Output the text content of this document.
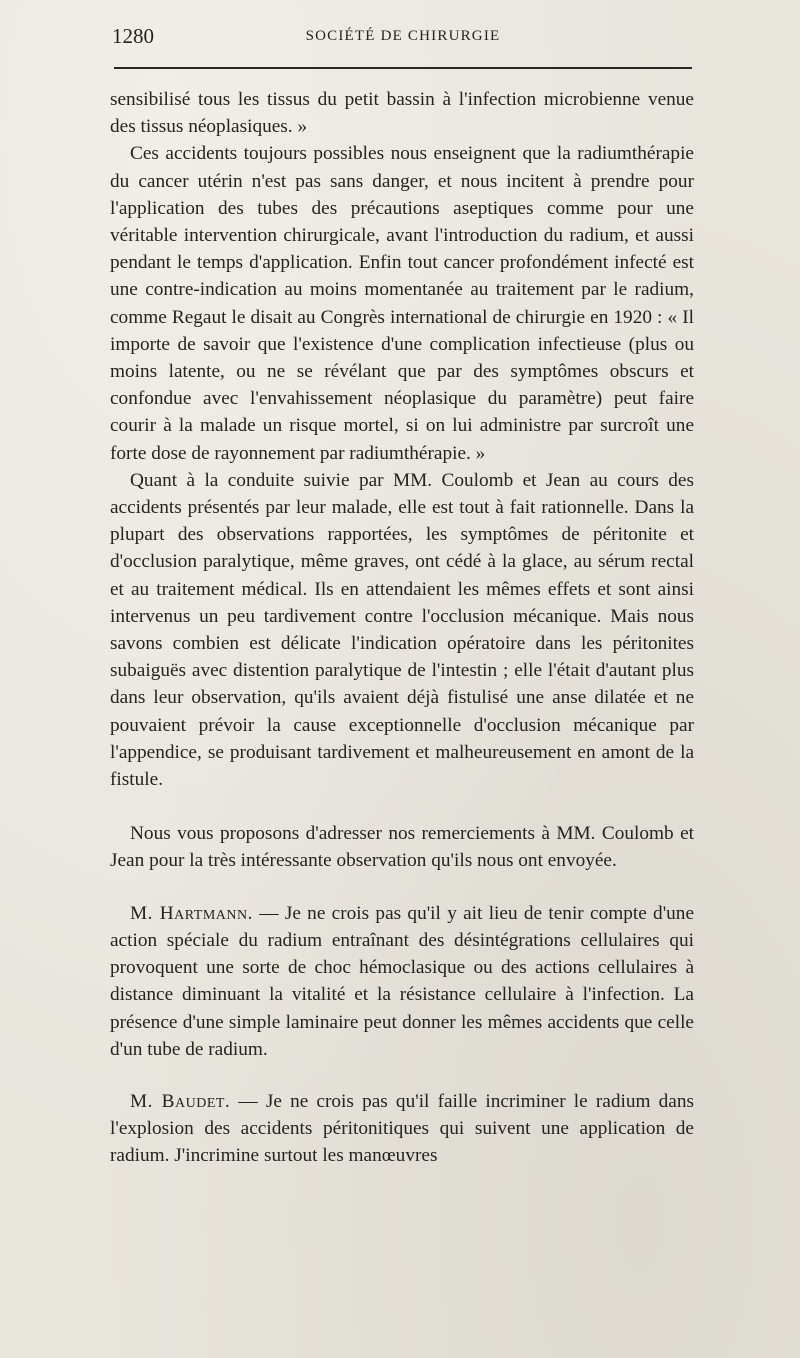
1280	SOCIÉTÉ DE CHIRURGIE

sensibilisé tous les tissus du petit bassin à l'infection microbienne venue des tissus néoplasiques. »

Ces accidents toujours possibles nous enseignent que la radiumthérapie du cancer utérin n'est pas sans danger, et nous incitent à prendre pour l'application des tubes des précautions aseptiques comme pour une véritable intervention chirurgicale, avant l'introduction du radium, et aussi pendant le temps d'application. Enfin tout cancer profondément infecté est une contre-indication au moins momentanée au traitement par le radium, comme Regaut le disait au Congrès international de chirurgie en 1920 : « Il importe de savoir que l'existence d'une complication infectieuse (plus ou moins latente, ou ne se révélant que par des symptômes obscurs et confondue avec l'envahissement néoplasique du paramètre) peut faire courir à la malade un risque mortel, si on lui administre par surcroît une forte dose de rayonnement par radiumthérapie. »

Quant à la conduite suivie par MM. Coulomb et Jean au cours des accidents présentés par leur malade, elle est tout à fait rationnelle. Dans la plupart des observations rapportées, les symptômes de péritonite et d'occlusion paralytique, même graves, ont cédé à la glace, au sérum rectal et au traitement médical. Ils en attendaient les mêmes effets et sont ainsi intervenus un peu tardivement contre l'occlusion mécanique. Mais nous savons combien est délicate l'indication opératoire dans les péritonites subaiguës avec distention paralytique de l'intestin ; elle l'était d'autant plus dans leur observation, qu'ils avaient déjà fistulisé une anse dilatée et ne pouvaient prévoir la cause exceptionnelle d'occlusion mécanique par l'appendice, se produisant tardivement et malheureusement en amont de la fistule.

Nous vous proposons d'adresser nos remerciements à MM. Coulomb et Jean pour la très intéressante observation qu'ils nous ont envoyée.

M. Hartmann. — Je ne crois pas qu'il y ait lieu de tenir compte d'une action spéciale du radium entraînant des désintégrations cellulaires qui provoquent une sorte de choc hémoclasique ou des actions cellulaires à distance diminuant la vitalité et la résistance cellulaire à l'infection. La présence d'une simple laminaire peut donner les mêmes accidents que celle d'un tube de radium.

M. Baudet. — Je ne crois pas qu'il faille incriminer le radium dans l'explosion des accidents péritonitiques qui suivent une application de radium. J'incrimine surtout les manœuvres
